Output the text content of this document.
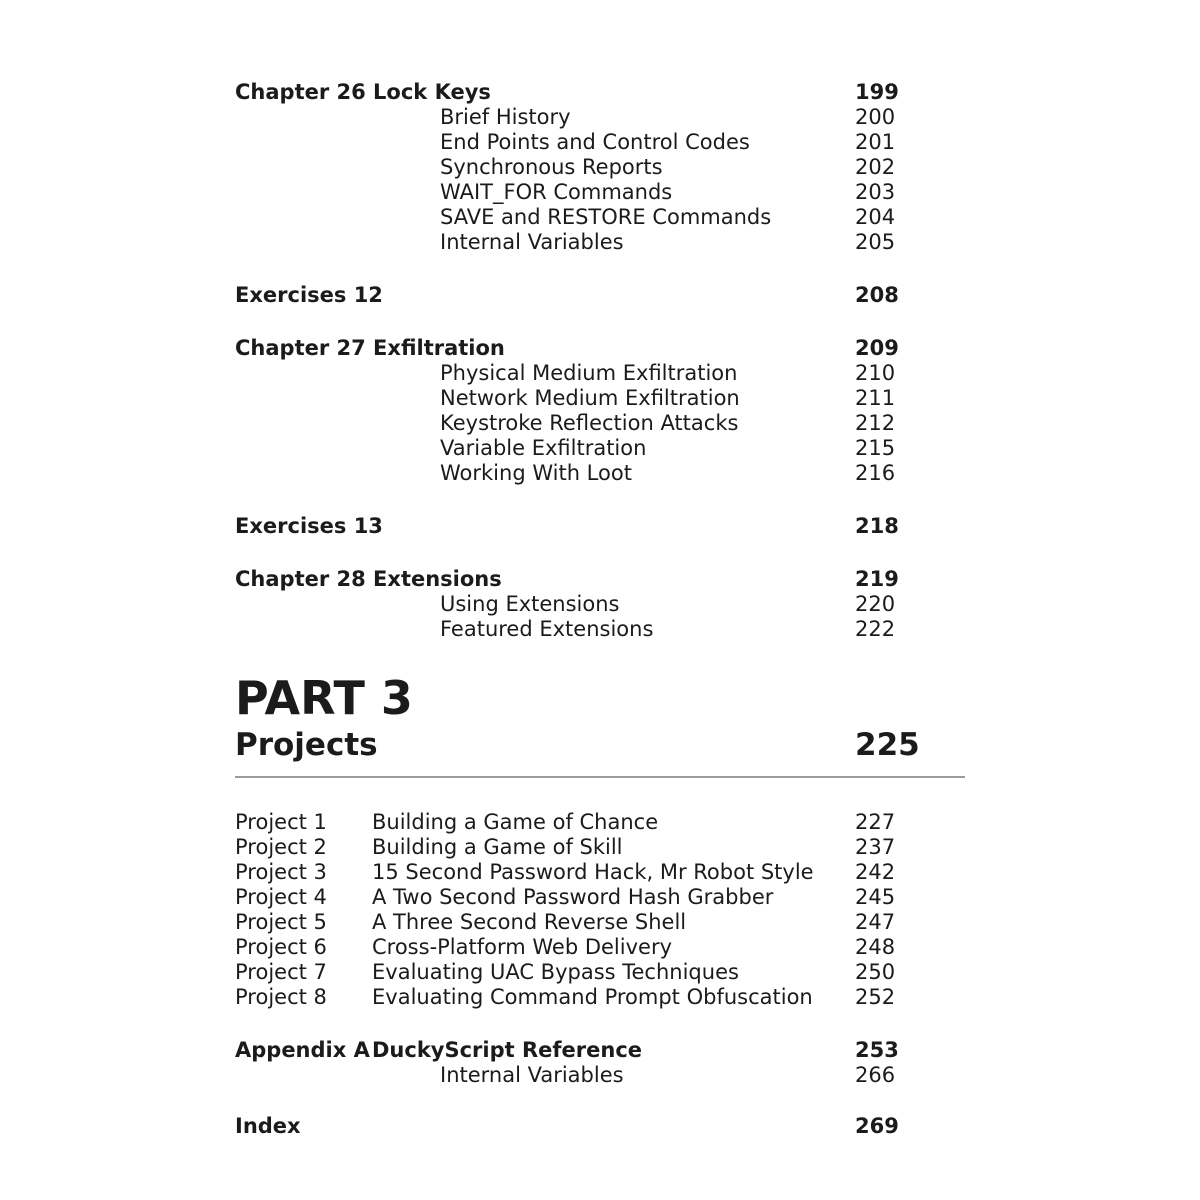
Chapter 26 Lock Keys	199
Brief History	200
End Points and Control Codes	201
Synchronous Reports	202
WAIT_FOR Commands	203
SAVE and RESTORE Commands	204
Internal Variables	205
Exercises 12	208
Chapter 27 Exfiltration	209
Physical Medium Exfiltration	210
Network Medium Exfiltration	211
Keystroke Reflection Attacks	212
Variable Exfiltration	215
Working With Loot	216
Exercises 13	218
Chapter 28 Extensions	219
Using Extensions	220
Featured Extensions	222
PART 3
Projects	225
Project 1 Building a Game of Chance	227
Project 2 Building a Game of Skill	237
Project 3 15 Second Password Hack, Mr Robot Style 242
Project 4 A Two Second Password Hash Grabber	245
Project 5 A Three Second Reverse Shell	247
Project 6 Cross-Platform Web Delivery	248
Project 7 Evaluating UAC Bypass Techniques	250
Project 8 Evaluating Command Prompt Obfuscation 252
Appendix A DuckyScript Reference	253
Internal Variables	266
Index	269
